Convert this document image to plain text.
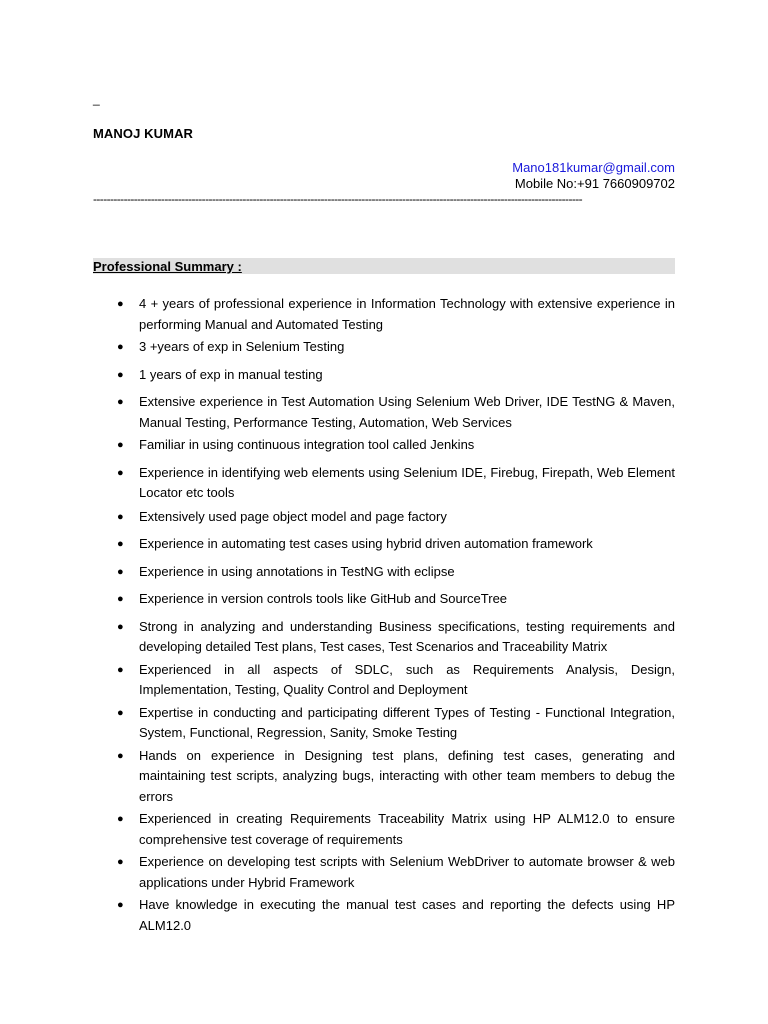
_
MANOJ KUMAR
Mano181kumar@gmail.com
Mobile No:+91 7660909702
------------------------------------------------------------------------------------------------------------------------------------------------
Professional Summary :
● 4 + years of professional experience in Information Technology with extensive experience in performing Manual and Automated Testing
● 3 +years of exp in Selenium Testing
● 1 years of exp in manual testing
● Extensive experience in Test Automation Using Selenium Web Driver, IDE TestNG & Maven, Manual Testing, Performance Testing, Automation, Web Services
● Familiar in using continuous integration tool called Jenkins
● Experience in identifying web elements using Selenium IDE, Firebug, Firepath, Web Element Locator etc tools
● Extensively used page object model and page factory
● Experience in automating test cases using hybrid driven automation framework
● Experience in using annotations in TestNG with eclipse
● Experience in version controls tools like GitHub and SourceTree
● Strong in analyzing and understanding Business specifications, testing requirements and developing detailed Test plans, Test cases, Test Scenarios and Traceability Matrix
● Experienced in all aspects of SDLC, such as Requirements Analysis, Design, Implementation, Testing, Quality Control and Deployment
● Expertise in conducting and participating different Types of Testing - Functional Integration, System, Functional, Regression, Sanity, Smoke Testing
● Hands on experience in Designing test plans, defining test cases, generating and maintaining test scripts, analyzing bugs, interacting with other team members to debug the errors
● Experienced in creating Requirements Traceability Matrix using HP ALM12.0 to ensure comprehensive test coverage of requirements
● Experience on developing test scripts with Selenium WebDriver to automate browser & web applications under Hybrid Framework
● Have knowledge in executing the manual test cases and reporting the defects using HP ALM12.0
